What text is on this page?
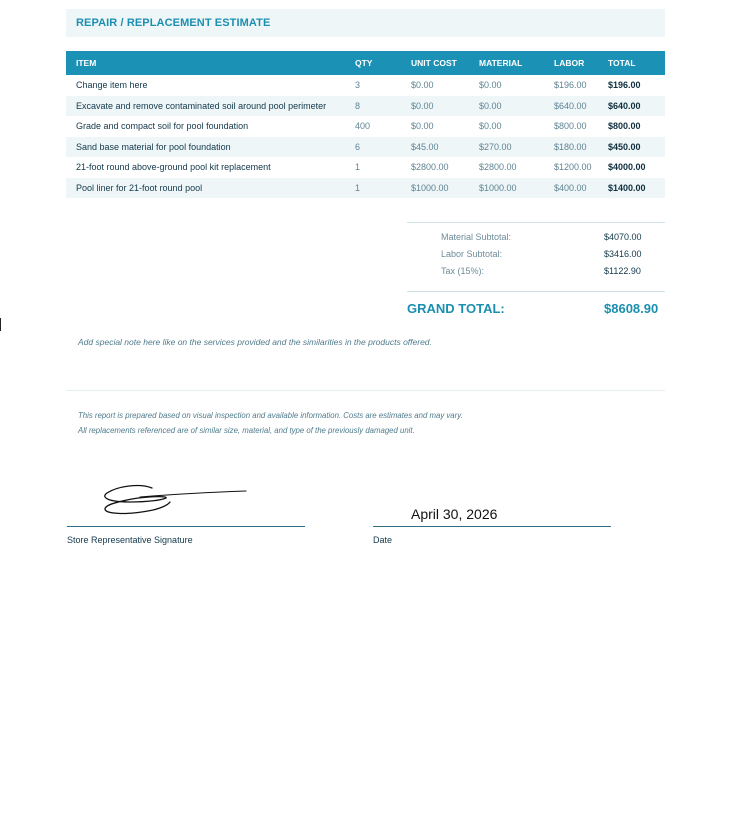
REPAIR / REPLACEMENT ESTIMATE
ITEM	QTY	UNIT COST	MATERIAL	LABOR	TOTAL
Change item here	3	$0.00	$0.00	$196.00	$196.00
Excavate and remove contaminated soil around pool perimeter	8	$0.00	$0.00	$640.00	$640.00
Grade and compact soil for pool foundation	400	$0.00	$0.00	$800.00	$800.00
Sand base material for pool foundation	6	$45.00	$270.00	$180.00	$450.00
21-foot round above-ground pool kit replacement	1	$2800.00	$2800.00	$1200.00	$4000.00
Pool liner for 21-foot round pool	1	$1000.00	$1000.00	$400.00	$1400.00
Material Subtotal:	$4070.00
Labor Subtotal:	$3416.00
Tax (15%):	$1122.90
GRAND TOTAL:	$8608.90
Add special note here like on the services provided and the similarities in the products offered.
This report is prepared based on visual inspection and available information. Costs are estimates and may vary.
All replacements referenced are of similar size, material, and type of the previously damaged unit.
Store Representative Signature
April 30, 2026
Date
